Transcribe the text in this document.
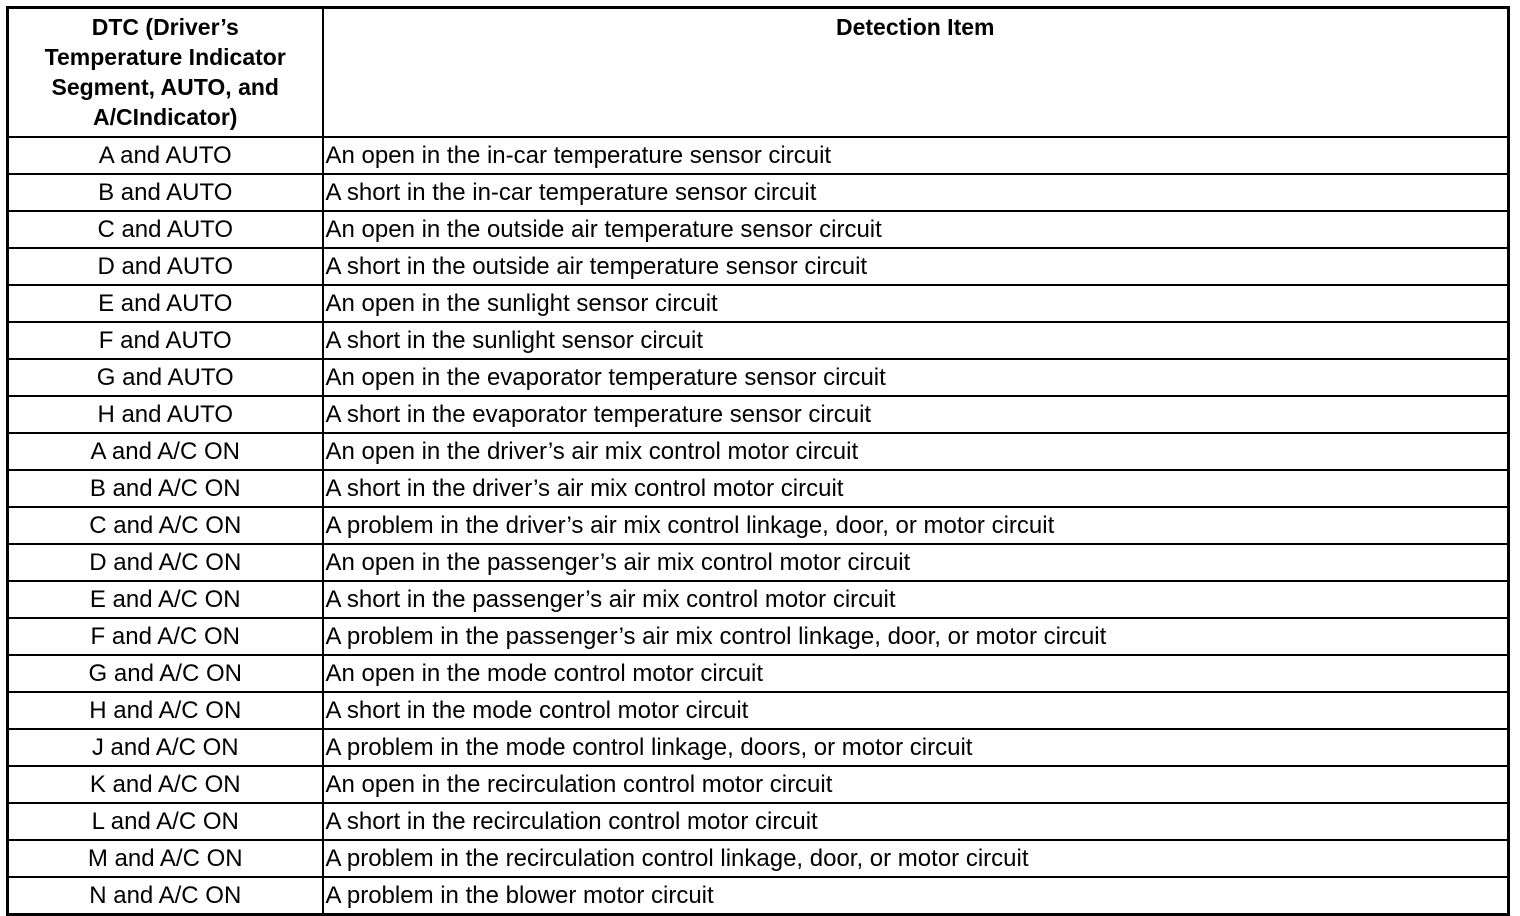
DTC (Driver’s
Temperature Indicator
Segment, AUTO, and
A/CIndicator)	Detection Item
A and AUTO	An open in the in-car temperature sensor circuit
B and AUTO	A short in the in-car temperature sensor circuit
C and AUTO	An open in the outside air temperature sensor circuit
D and AUTO	A short in the outside air temperature sensor circuit
E and AUTO	An open in the sunlight sensor circuit
F and AUTO	A short in the sunlight sensor circuit
G and AUTO	An open in the evaporator temperature sensor circuit
H and AUTO	A short in the evaporator temperature sensor circuit
A and A/C ON	An open in the driver’s air mix control motor circuit
B and A/C ON	A short in the driver’s air mix control motor circuit
C and A/C ON	A problem in the driver’s air mix control linkage, door, or motor circuit
D and A/C ON	An open in the passenger’s air mix control motor circuit
E and A/C ON	A short in the passenger’s air mix control motor circuit
F and A/C ON	A problem in the passenger’s air mix control linkage, door, or motor circuit
G and A/C ON	An open in the mode control motor circuit
H and A/C ON	A short in the mode control motor circuit
J and A/C ON	A problem in the mode control linkage, doors, or motor circuit
K and A/C ON	An open in the recirculation control motor circuit
L and A/C ON	A short in the recirculation control motor circuit
M and A/C ON	A problem in the recirculation control linkage, door, or motor circuit
N and A/C ON	A problem in the blower motor circuit
